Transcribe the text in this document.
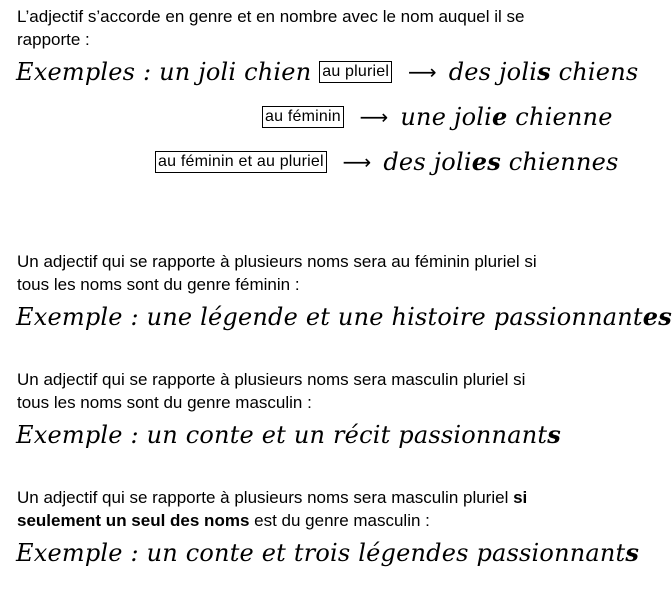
L’adjectif s’accorde en genre et en nombre avec le nom auquel il se
rapporte :
Exemples : un joli chien au pluriel ⟶ des jolis chiens
au féminin ⟶ une jolie chienne
au féminin et au pluriel ⟶ des jolies chiennes
Un adjectif qui se rapporte à plusieurs noms sera au féminin pluriel si
tous les noms sont du genre féminin :
Exemple : une légende et une histoire passionnantes
Un adjectif qui se rapporte à plusieurs noms sera masculin pluriel si
tous les noms sont du genre masculin :
Exemple : un conte et un récit passionnants
Un adjectif qui se rapporte à plusieurs noms sera masculin pluriel si
seulement un seul des noms est du genre masculin :
Exemple : un conte et trois légendes passionnants
